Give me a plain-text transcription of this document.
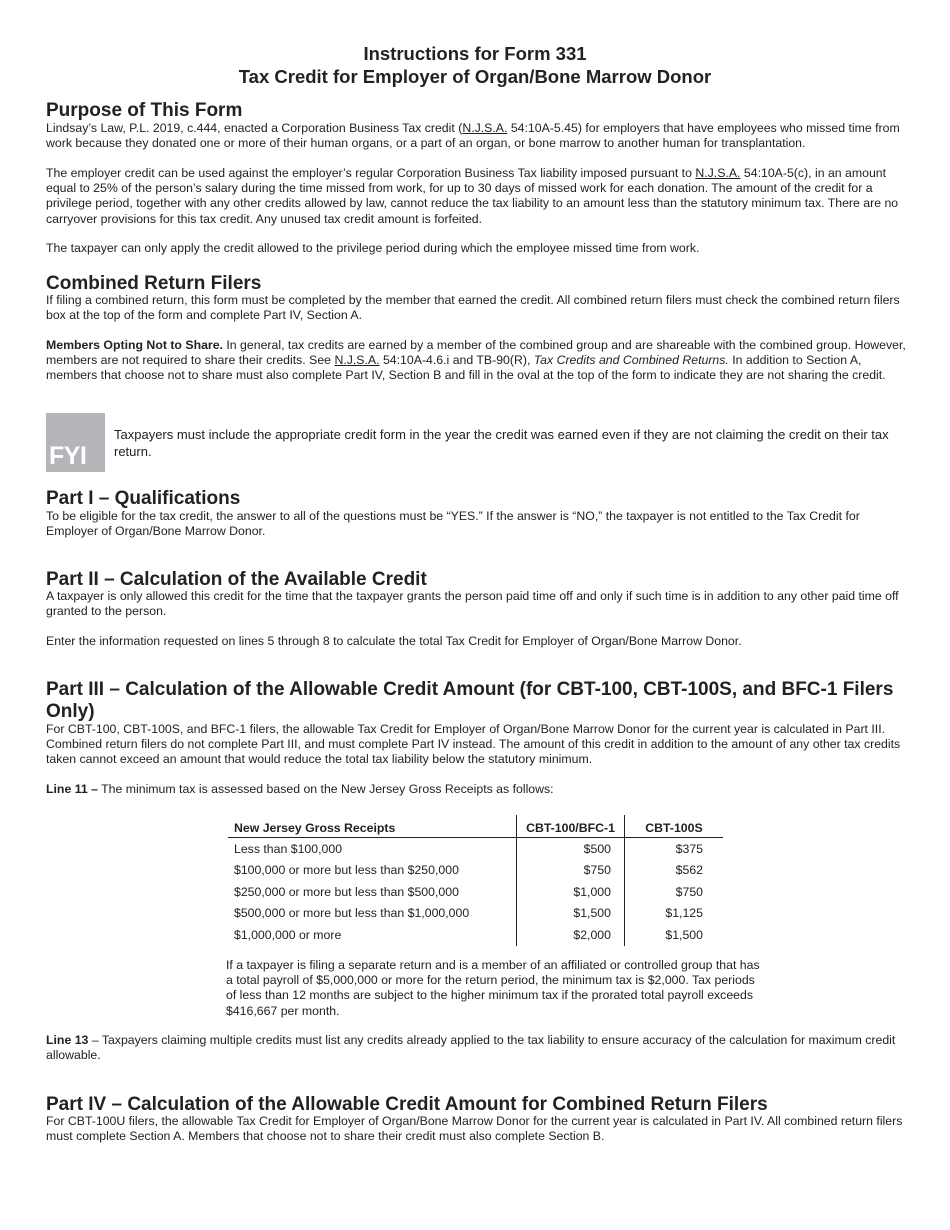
Instructions for Form 331
Tax Credit for Employer of Organ/Bone Marrow Donor
Purpose of This Form

Lindsay’s Law, P.L. 2019, c.444, enacted a Corporation Business Tax credit (N.J.S.A. 54:10A-5.45) for employers that have employees who missed time from work because they donated one or more of their human organs, or a part of an organ, or bone marrow to another human for transplantation.

The employer credit can be used against the employer’s regular Corporation Business Tax liability imposed pursuant to N.J.S.A. 54:10A-5(c), in an amount equal to 25% of the person’s salary during the time missed from work, for up to 30 days of missed work for each donation. The amount of the credit for a privilege period, together with any other credits allowed by law, cannot reduce the tax liability to an amount less than the statutory minimum tax. There are no carryover provisions for this tax credit. Any unused tax credit amount is forfeited.

The taxpayer can only apply the credit allowed to the privilege period during which the employee missed time from work.

Combined Return Filers

If filing a combined return, this form must be completed by the member that earned the credit. All combined return filers must check the combined return filers box at the top of the form and complete Part IV, Section A.

Members Opting Not to Share. In general, tax credits are earned by a member of the combined group and are shareable with the combined group. However, members are not required to share their credits. See N.J.S.A. 54:10A-4.6.i and TB-90(R), Tax Credits and Combined Returns. In addition to Section A, members that choose not to share must also complete Part IV, Section B and fill in the oval at the top of the form to indicate they are not sharing the credit.

FYI
Taxpayers must include the appropriate credit form in the year the credit was earned even if they are not claiming the credit on their tax return.
Part I – Qualifications

To be eligible for the tax credit, the answer to all of the questions must be “YES.” If the answer is “NO,” the taxpayer is not entitled to the Tax Credit for Employer of Organ/Bone Marrow Donor.

Part II – Calculation of the Available Credit

A taxpayer is only allowed this credit for the time that the taxpayer grants the person paid time off and only if such time is in addition to any other paid time off granted to the person.

Enter the information requested on lines 5 through 8 to calculate the total Tax Credit for Employer of Organ/Bone Marrow Donor.

Part III – Calculation of the Allowable Credit Amount (for CBT-100, CBT-100S, and BFC-1 Filers Only)

For CBT-100, CBT-100S, and BFC-1 filers, the allowable Tax Credit for Employer of Organ/Bone Marrow Donor for the current year is calculated in Part III. Combined return filers do not complete Part III, and must complete Part IV instead. The amount of this credit in addition to the amount of any other tax credits taken cannot exceed an amount that would reduce the total tax liability below the statutory minimum.

Line 11 – The minimum tax is assessed based on the New Jersey Gross Receipts as follows:

New Jersey Gross Receipts	CBT-100/BFC-1	CBT-100S
Less than $100,000	$500	$375
$100,000 or more but less than $250,000	$750	$562
$250,000 or more but less than $500,000	$1,000	$750
$500,000 or more but less than $1,000,000	$1,500	$1,125
$1,000,000 or more	$2,000	$1,500
If a taxpayer is filing a separate return and is a member of an affiliated or controlled group that has a total payroll of $5,000,000 or more for the return period, the minimum tax is $2,000. Tax periods of less than 12 months are subject to the higher minimum tax if the prorated total payroll exceeds $416,667 per month.

Line 13 – Taxpayers claiming multiple credits must list any credits already applied to the tax liability to ensure accuracy of the calculation for maximum credit allowable.

Part IV – Calculation of the Allowable Credit Amount for Combined Return Filers

For CBT-100U filers, the allowable Tax Credit for Employer of Organ/Bone Marrow Donor for the current year is calculated in Part IV. All combined return filers must complete Section A. Members that choose not to share their credit must also complete Section B.
